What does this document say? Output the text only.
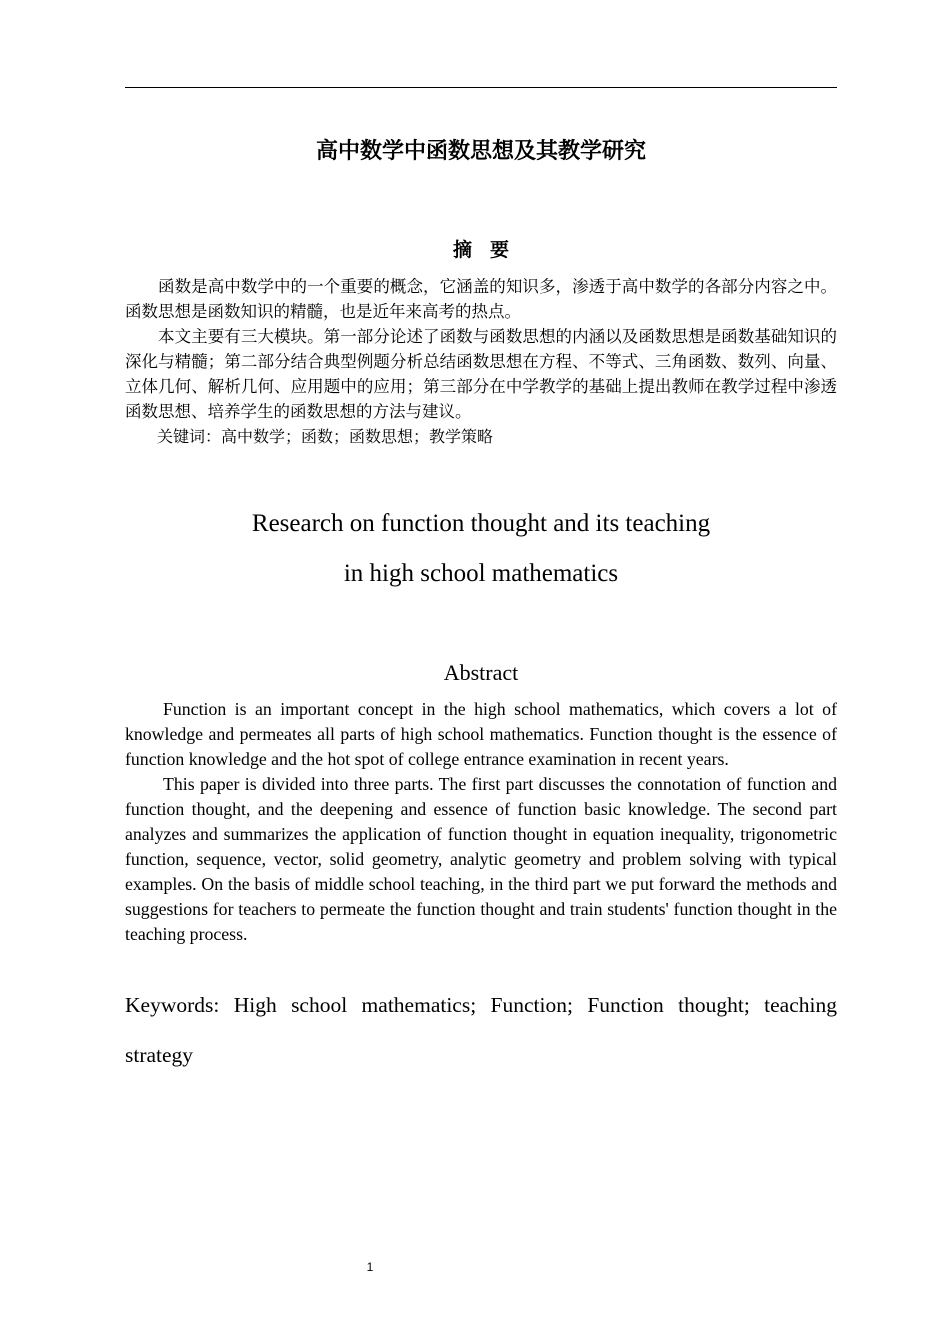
高中数学中函数思想及其教学研究
摘要

函数是高中数学中的一个重要的概念，它涵盖的知识多，渗透于高中数学的各部分内容之中。函数思想是函数知识的精髓，也是近年来高考的热点。

本文主要有三大模块。第一部分论述了函数与函数思想的内涵以及函数思想是函数基础知识的深化与精髓；第二部分结合典型例题分析总结函数思想在方程、不等式、三角函数、数列、向量、立体几何、解析几何、应用题中的应用；第三部分在中学教学的基础上提出教师在教学过程中渗透函数思想、培养学生的函数思想的方法与建议。

关键词：高中数学；函数；函数思想；教学策略

Research on function thought and its teaching
in high school mathematics
Abstract

Function is an important concept in the high school mathematics, which covers a lot of knowledge and permeates all parts of high school mathematics. Function thought is the essence of function knowledge and the hot spot of college entrance examination in recent years.

This paper is divided into three parts. The first part discusses the connotation of function and function thought, and the deepening and essence of function basic knowledge. The second part analyzes and summarizes the application of function thought in equation inequality, trigonometric function, sequence, vector, solid geometry, analytic geometry and problem solving with typical examples. On the basis of middle school teaching, in the third part we put forward the methods and suggestions for teachers to permeate the function thought and train students' function thought in the teaching process.

Keywords: High school mathematics; Function; Function thought; teaching strategy
1
